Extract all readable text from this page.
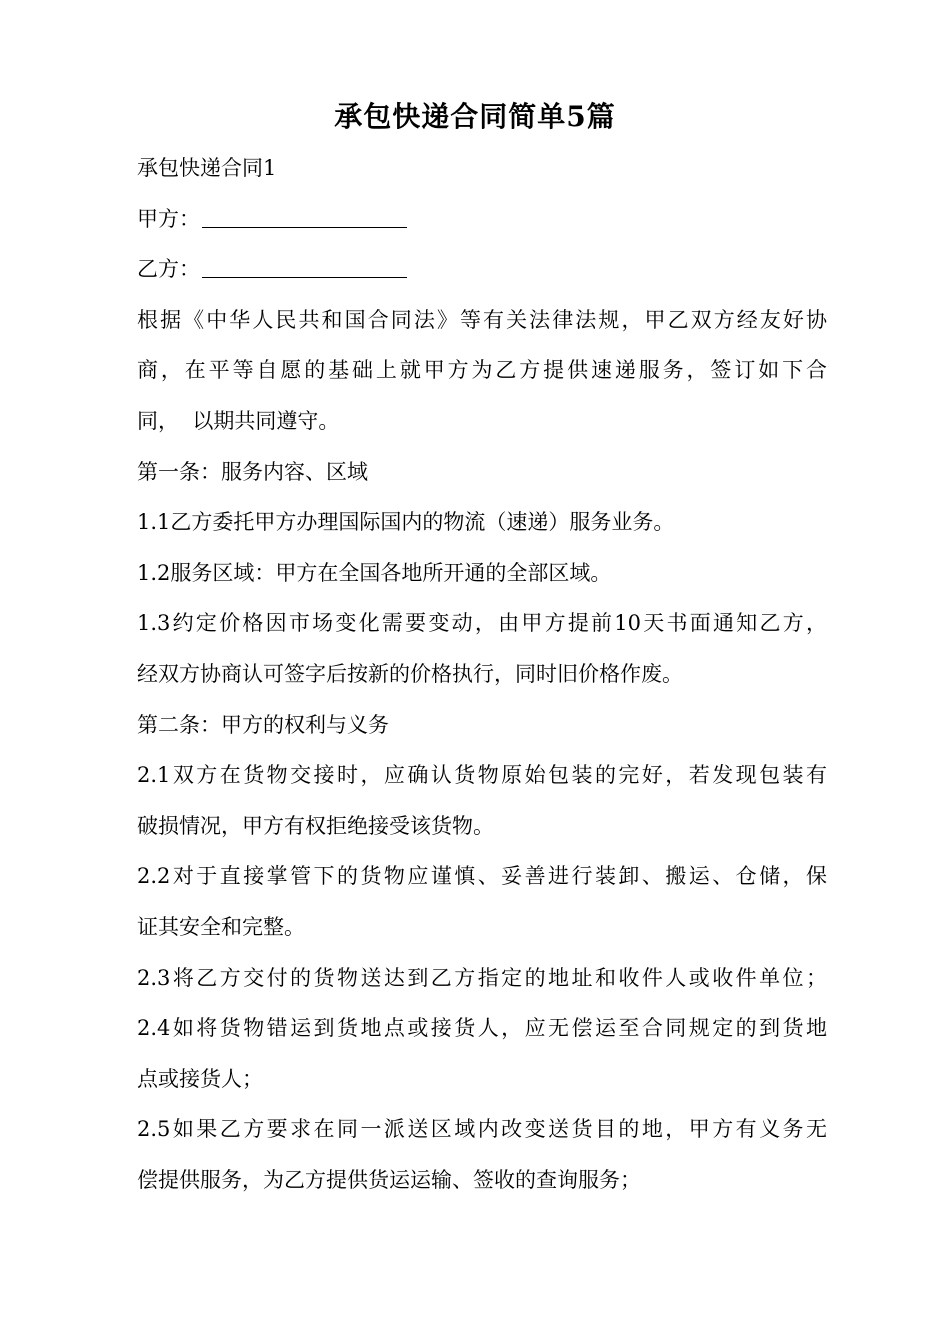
承包快递合同简单5篇

承包快递合同1

甲方：

乙方：

根据《中华人民共和国合同法》等有关法律法规，甲乙双方经友好协

商，在平等自愿的基础上就甲方为乙方提供速递服务，签订如下合

同，  以期共同遵守。

第一条：服务内容、区域

1.1乙方委托甲方办理国际国内的物流（速递）服务业务。

1.2服务区域：甲方在全国各地所开通的全部区域。

1.3约定价格因市场变化需要变动，由甲方提前10天书面通知乙方，

经双方协商认可签字后按新的价格执行，同时旧价格作废。

第二条：甲方的权利与义务

2.1双方在货物交接时，应确认货物原始包装的完好，若发现包装有

破损情况，甲方有权拒绝接受该货物。

2.2对于直接掌管下的货物应谨慎、妥善进行装卸、搬运、仓储，保

证其安全和完整。

2.3将乙方交付的货物送达到乙方指定的地址和收件人或收件单位；

2.4如将货物错运到货地点或接货人，应无偿运至合同规定的到货地

点或接货人；

2.5如果乙方要求在同一派送区域内改变送货目的地，甲方有义务无

偿提供服务，为乙方提供货运运输、签收的查询服务；
